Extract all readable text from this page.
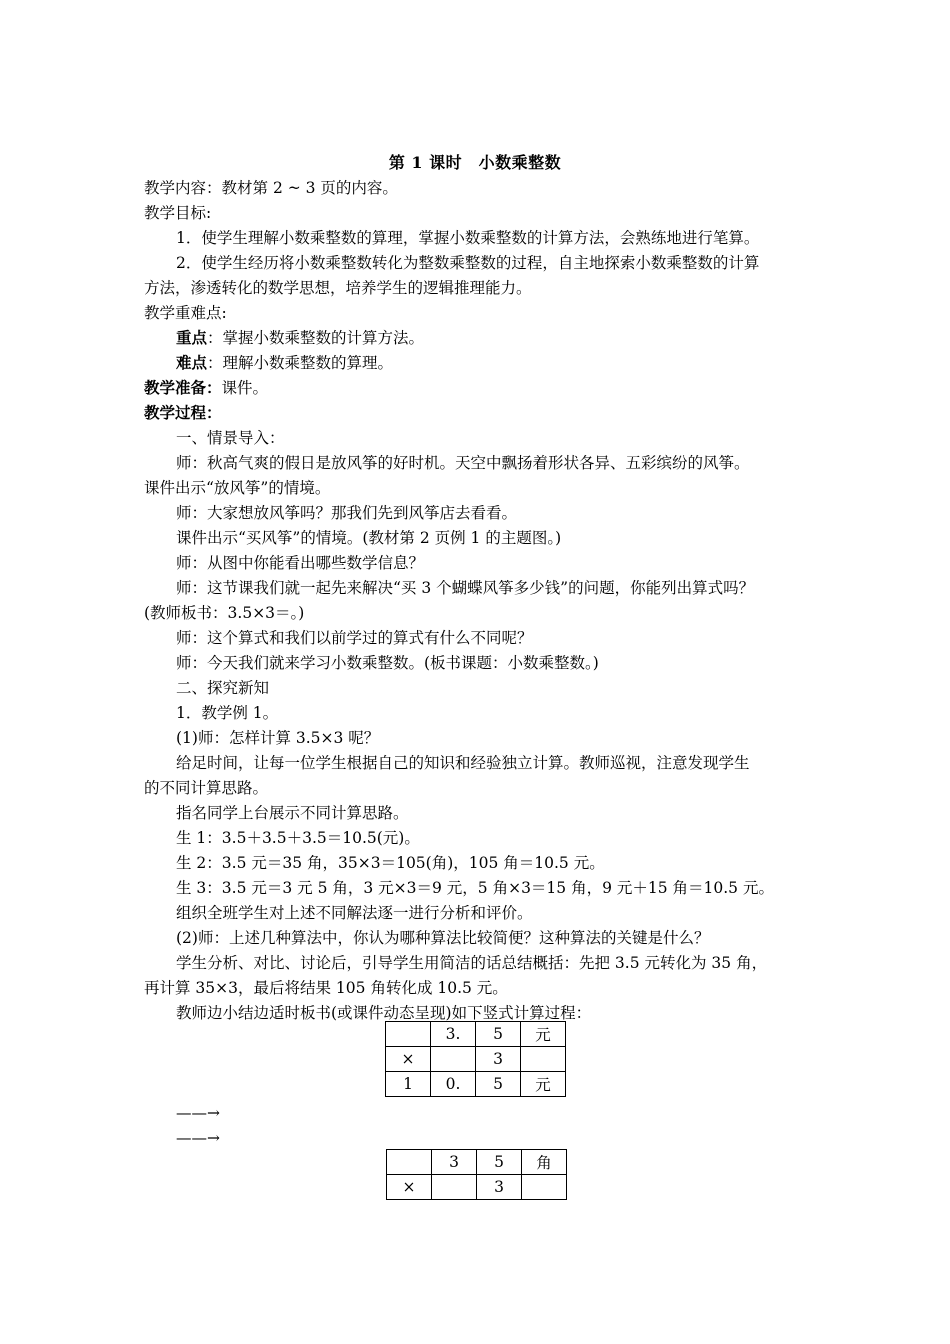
第 1 课时　小数乘整数
教学内容：教材第 2 ~ 3 页的内容。
教学目标:
1．使学生理解小数乘整数的算理，掌握小数乘整数的计算方法，会熟练地进行笔算。
2．使学生经历将小数乘整数转化为整数乘整数的过程，自主地探索小数乘整数的计算
方法，渗透转化的数学思想，培养学生的逻辑推理能力。
教学重难点:
重点：掌握小数乘整数的计算方法。
难点：理解小数乘整数的算理。
教学准备：课件。
教学过程：
一、情景导入：
师：秋高气爽的假日是放风筝的好时机。天空中飘扬着形状各异、五彩缤纷的风筝。
课件出示“放风筝”的情境。
师：大家想放风筝吗？那我们先到风筝店去看看。
课件出示“买风筝”的情境。(教材第 2 页例 1 的主题图。)
师：从图中你能看出哪些数学信息？
师：这节课我们就一起先来解决“买 3 个蝴蝶风筝多少钱”的问题，你能列出算式吗？
(教师板书：3.5×3＝。)
师：这个算式和我们以前学过的算式有什么不同呢？
师：今天我们就来学习小数乘整数。(板书课题：小数乘整数。)
二、探究新知
1．教学例 1。
(1)师：怎样计算 3.5×3 呢？
给足时间，让每一位学生根据自己的知识和经验独立计算。教师巡视，注意发现学生
的不同计算思路。
指名同学上台展示不同计算思路。
生 1：3.5＋3.5＋3.5＝10.5(元)。
生 2：3.5 元＝35 角，35×3＝105(角)，105 角＝10.5 元。
生 3：3.5 元＝3 元 5 角，3 元×3＝9 元，5 角×3＝15 角，9 元＋15 角＝10.5 元。
组织全班学生对上述不同解法逐一进行分析和评价。
(2)师：上述几种算法中，你认为哪种算法比较简便？这种算法的关键是什么？
学生分析、对比、讨论后，引导学生用简洁的话总结概括：先把 3.5 元转化为 35 角，
再计算 35×3，最后将结果 105 角转化成 10.5 元。
教师边小结边适时板书(或课件动态呈现)如下竖式计算过程：
——→
——→
	3.	5	元
×		3	
1	0.	5	元
	3	5	角
×		3	
